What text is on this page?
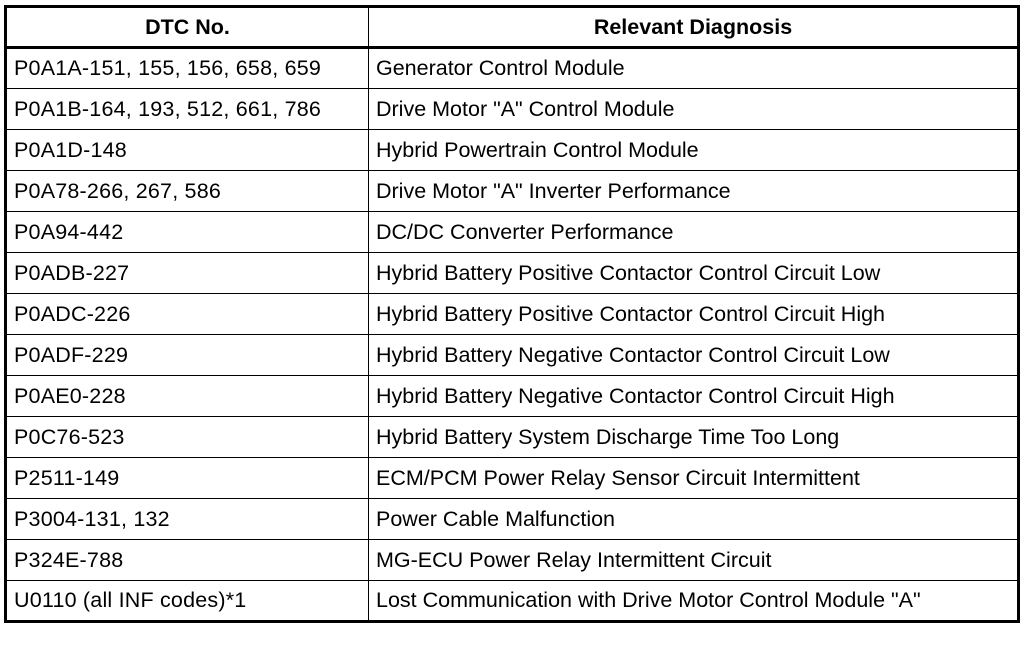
DTC No.	Relevant Diagnosis
P0A1A-151, 155, 156, 658, 659	Generator Control Module
P0A1B-164, 193, 512, 661, 786	Drive Motor "A" Control Module
P0A1D-148	Hybrid Powertrain Control Module
P0A78-266, 267, 586	Drive Motor "A" Inverter Performance
P0A94-442	DC/DC Converter Performance
P0ADB-227	Hybrid Battery Positive Contactor Control Circuit Low
P0ADC-226	Hybrid Battery Positive Contactor Control Circuit High
P0ADF-229	Hybrid Battery Negative Contactor Control Circuit Low
P0AE0-228	Hybrid Battery Negative Contactor Control Circuit High
P0C76-523	Hybrid Battery System Discharge Time Too Long
P2511-149	ECM/PCM Power Relay Sensor Circuit Intermittent
P3004-131, 132	Power Cable Malfunction
P324E-788	MG-ECU Power Relay Intermittent Circuit
U0110 (all INF codes)*1	Lost Communication with Drive Motor Control Module "A"
